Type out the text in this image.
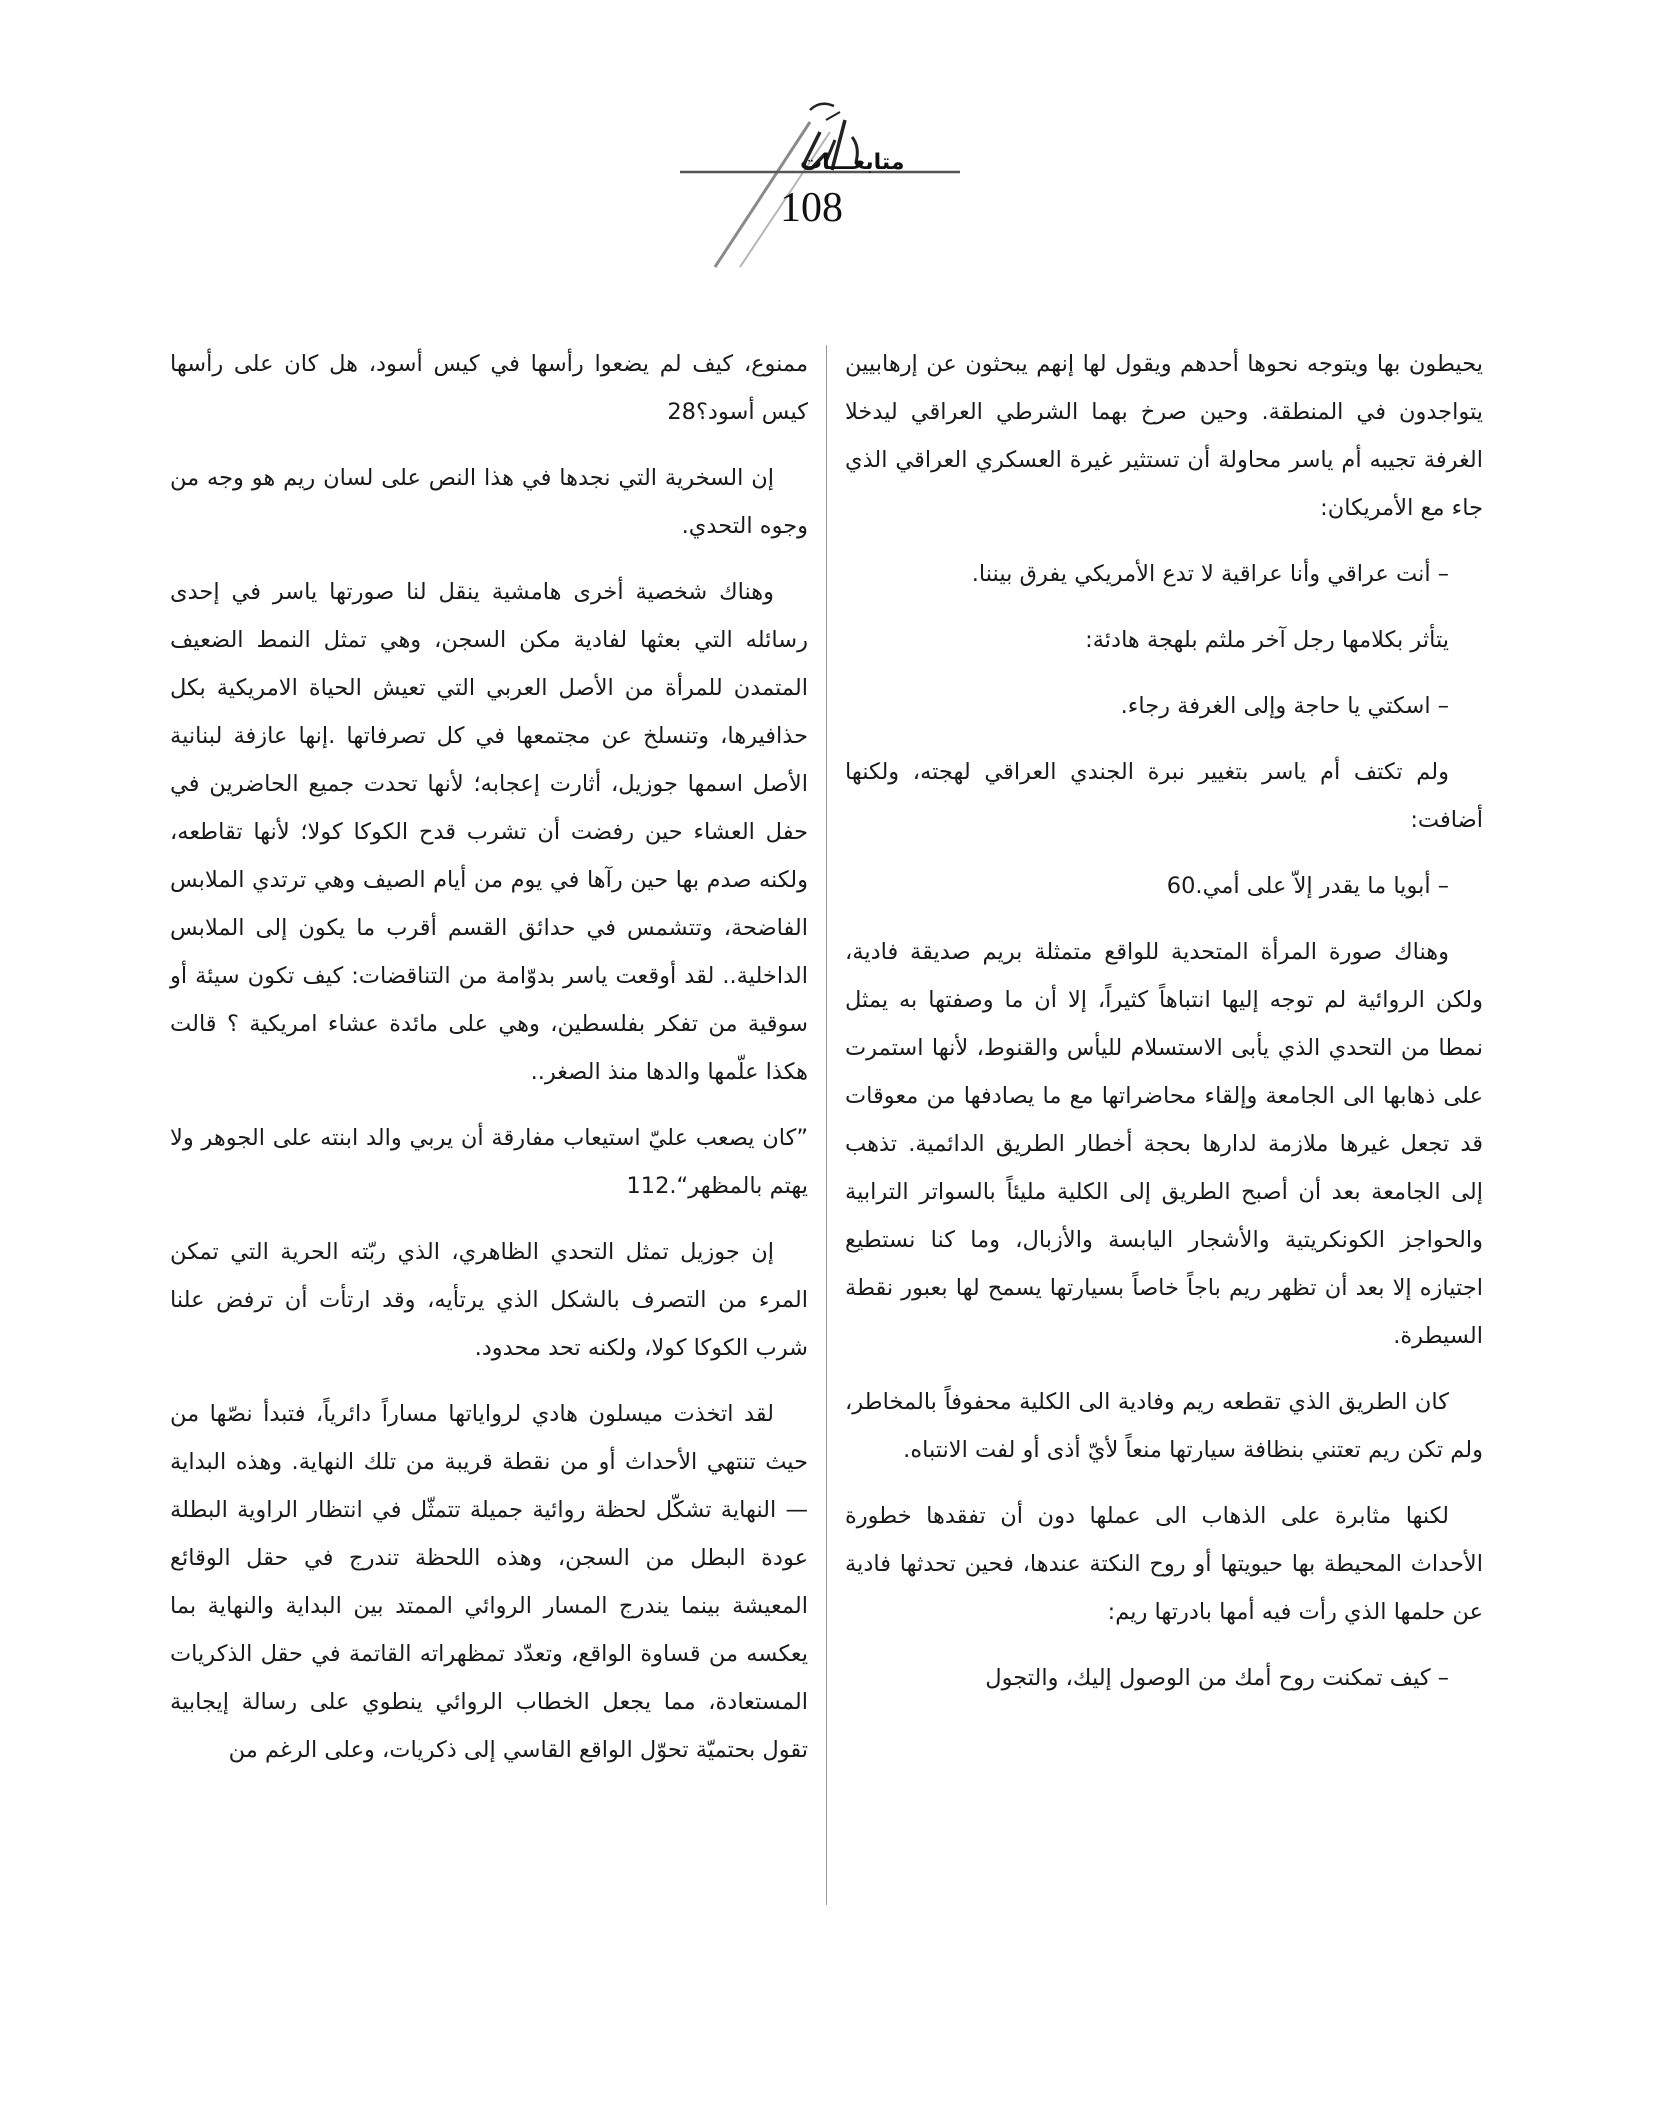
متابعـــات
108

يحيطون بها ويتوجه نحوها أحدهم ويقول لها إنهم يبحثون عن إرهابيين يتواجدون في المنطقة. وحين صرخ بهما الشرطي العراقي ليدخلا الغرفة تجيبه أم ياسر محاولة أن تستثير غيرة العسكري العراقي الذي جاء مع الأمريكان:

– أنت عراقي وأنا عراقية لا تدع الأمريكي يفرق بيننا.

يتأثر بكلامها رجل آخر ملثم بلهجة هادئة:

– اسكتي يا حاجة وإلى الغرفة رجاء.

ولم تكتف أم ياسر بتغيير نبرة الجندي العراقي لهجته، ولكنها أضافت:

– أبويا ما يقدر إلاّ على أمي.60

وهناك صورة المرأة المتحدية للواقع متمثلة بريم صديقة فادية، ولكن الروائية لم توجه إليها انتباهاً كثيراً، إلا أن ما وصفتها به يمثل نمطا من التحدي الذي يأبى الاستسلام لليأس والقنوط، لأنها استمرت على ذهابها الى الجامعة وإلقاء محاضراتها مع ما يصادفها من معوقات قد تجعل غيرها ملازمة لدارها بحجة أخطار الطريق الدائمية. تذهب إلى الجامعة بعد أن أصبح الطريق إلى الكلية مليئاً بالسواتر الترابية والحواجز الكونكريتية والأشجار اليابسة والأزبال، وما كنا نستطيع اجتيازه إلا بعد أن تظهر ريم باجاً خاصاً بسيارتها يسمح لها بعبور نقطة السيطرة.

كان الطريق الذي تقطعه ريم وفادية الى الكلية محفوفاً بالمخاطر، ولم تكن ريم تعتني بنظافة سيارتها منعاً لأيّ أذى أو لفت الانتباه.

لكنها مثابرة على الذهاب الى عملها دون أن تفقدها خطورة الأحداث المحيطة بها حيويتها أو روح النكتة عندها، فحين تحدثها فادية عن حلمها الذي رأت فيه أمها بادرتها ريم:

– كيف تمكنت روح أمك من الوصول إليك، والتجول

ممنوع، كيف لم يضعوا رأسها في كيس أسود، هل كان على رأسها كيس أسود؟28

إن السخرية التي نجدها في هذا النص على لسان ريم هو وجه من وجوه التحدي.

وهناك شخصية أخرى هامشية ينقل لنا صورتها ياسر في إحدى رسائله التي بعثها لفادية مكن السجن، وهي تمثل النمط الضعيف المتمدن للمرأة من الأصل العربي التي تعيش الحياة الامريكية بكل حذافيرها، وتنسلخ عن مجتمعها في كل تصرفاتها .إنها عازفة لبنانية الأصل اسمها جوزيل، أثارت إعجابه؛ لأنها تحدت جميع الحاضرين في حفل العشاء حين رفضت أن تشرب قدح الكوكا كولا؛ لأنها تقاطعه، ولكنه صدم بها حين رآها في يوم من أيام الصيف وهي ترتدي الملابس الفاضحة، وتتشمس في حدائق القسم أقرب ما يكون إلى الملابس الداخلية.. لقد أوقعت ياسر بدوّامة من التناقضات: كيف تكون سيئة أو سوقية من تفكر بفلسطين، وهي على مائدة عشاء امريكية ؟ قالت هكذا علّمها والدها منذ الصغر..

”كان يصعب عليّ استيعاب مفارقة أن يربي والد ابنته على الجوهر ولا يهتم بالمظهر“.112

إن جوزيل تمثل التحدي الظاهري، الذي ربّته الحرية التي تمكن المرء من التصرف بالشكل الذي يرتأيه، وقد ارتأت أن ترفض علنا شرب الكوكا كولا، ولكنه تحد محدود.

لقد اتخذت ميسلون هادي لرواياتها مساراً دائرياً، فتبدأ نصّها من حيث تنتهي الأحداث أو من نقطة قريبة من تلك النهاية. وهذه البداية — النهاية تشكّل لحظة روائية جميلة تتمثّل في انتظار الراوية البطلة عودة البطل من السجن، وهذه اللحظة تندرج في حقل الوقائع المعيشة بينما يندرج المسار الروائي الممتد بين البداية والنهاية بما يعكسه من قساوة الواقع، وتعدّد تمظهراته القاتمة في حقل الذكريات المستعادة، مما يجعل الخطاب الروائي ينطوي على رسالة إيجابية تقول بحتميّة تحوّل الواقع القاسي إلى ذكريات، وعلى الرغم من
